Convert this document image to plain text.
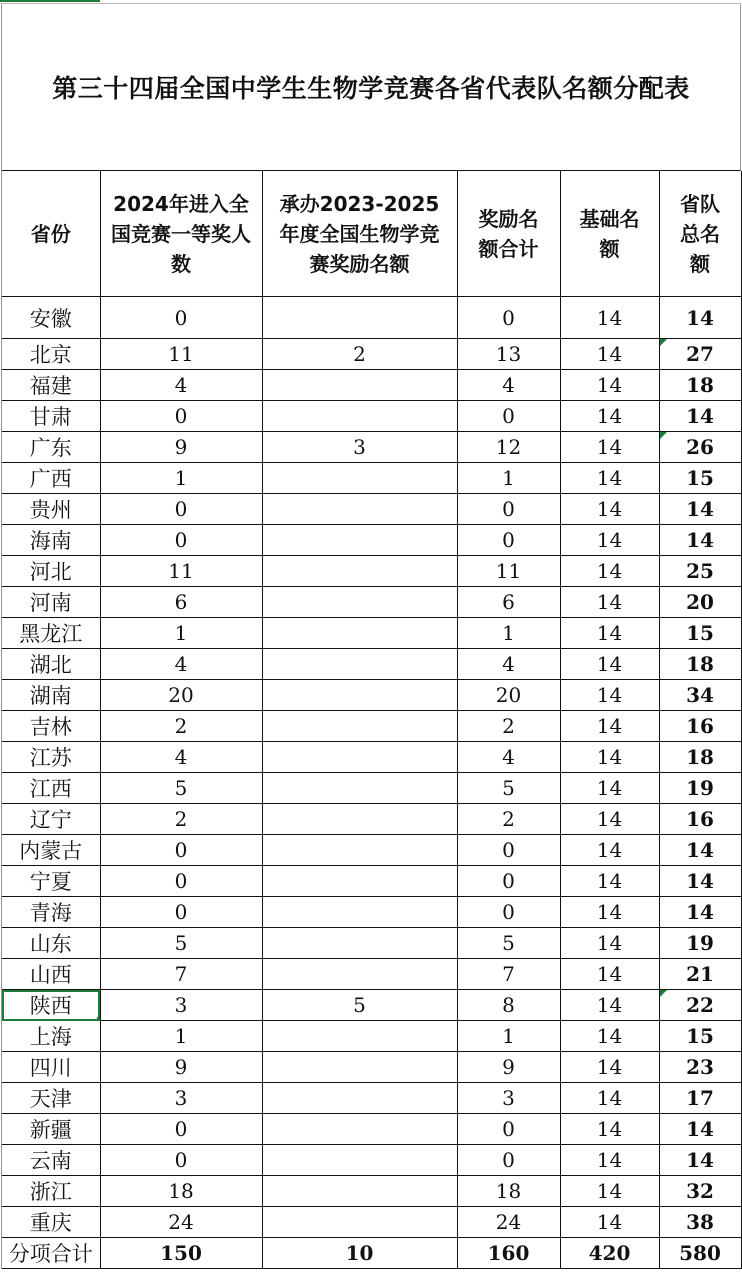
第三十四届全国中学生生物学竞赛各省代表队名额分配表
省份	2024年进入全国竞赛一等奖人数	承办2023-2025年度全国生物学竞赛奖励名额	奖励名额合计	基础名额	省队总名额
安徽	0		0	14	14
北京	11	2	13	14	27
福建	4		4	14	18
甘肃	0		0	14	14
广东	9	3	12	14	26
广西	1		1	14	15
贵州	0		0	14	14
海南	0		0	14	14
河北	11		11	14	25
河南	6		6	14	20
黑龙江	1		1	14	15
湖北	4		4	14	18
湖南	20		20	14	34
吉林	2		2	14	16
江苏	4		4	14	18
江西	5		5	14	19
辽宁	2		2	14	16
内蒙古	0		0	14	14
宁夏	0		0	14	14
青海	0		0	14	14
山东	5		5	14	19
山西	7		7	14	21
陕西	3	5	8	14	22
上海	1		1	14	15
四川	9		9	14	23
天津	3		3	14	17
新疆	0		0	14	14
云南	0		0	14	14
浙江	18		18	14	32
重庆	24		24	14	38
分项合计	150	10	160	420	580
